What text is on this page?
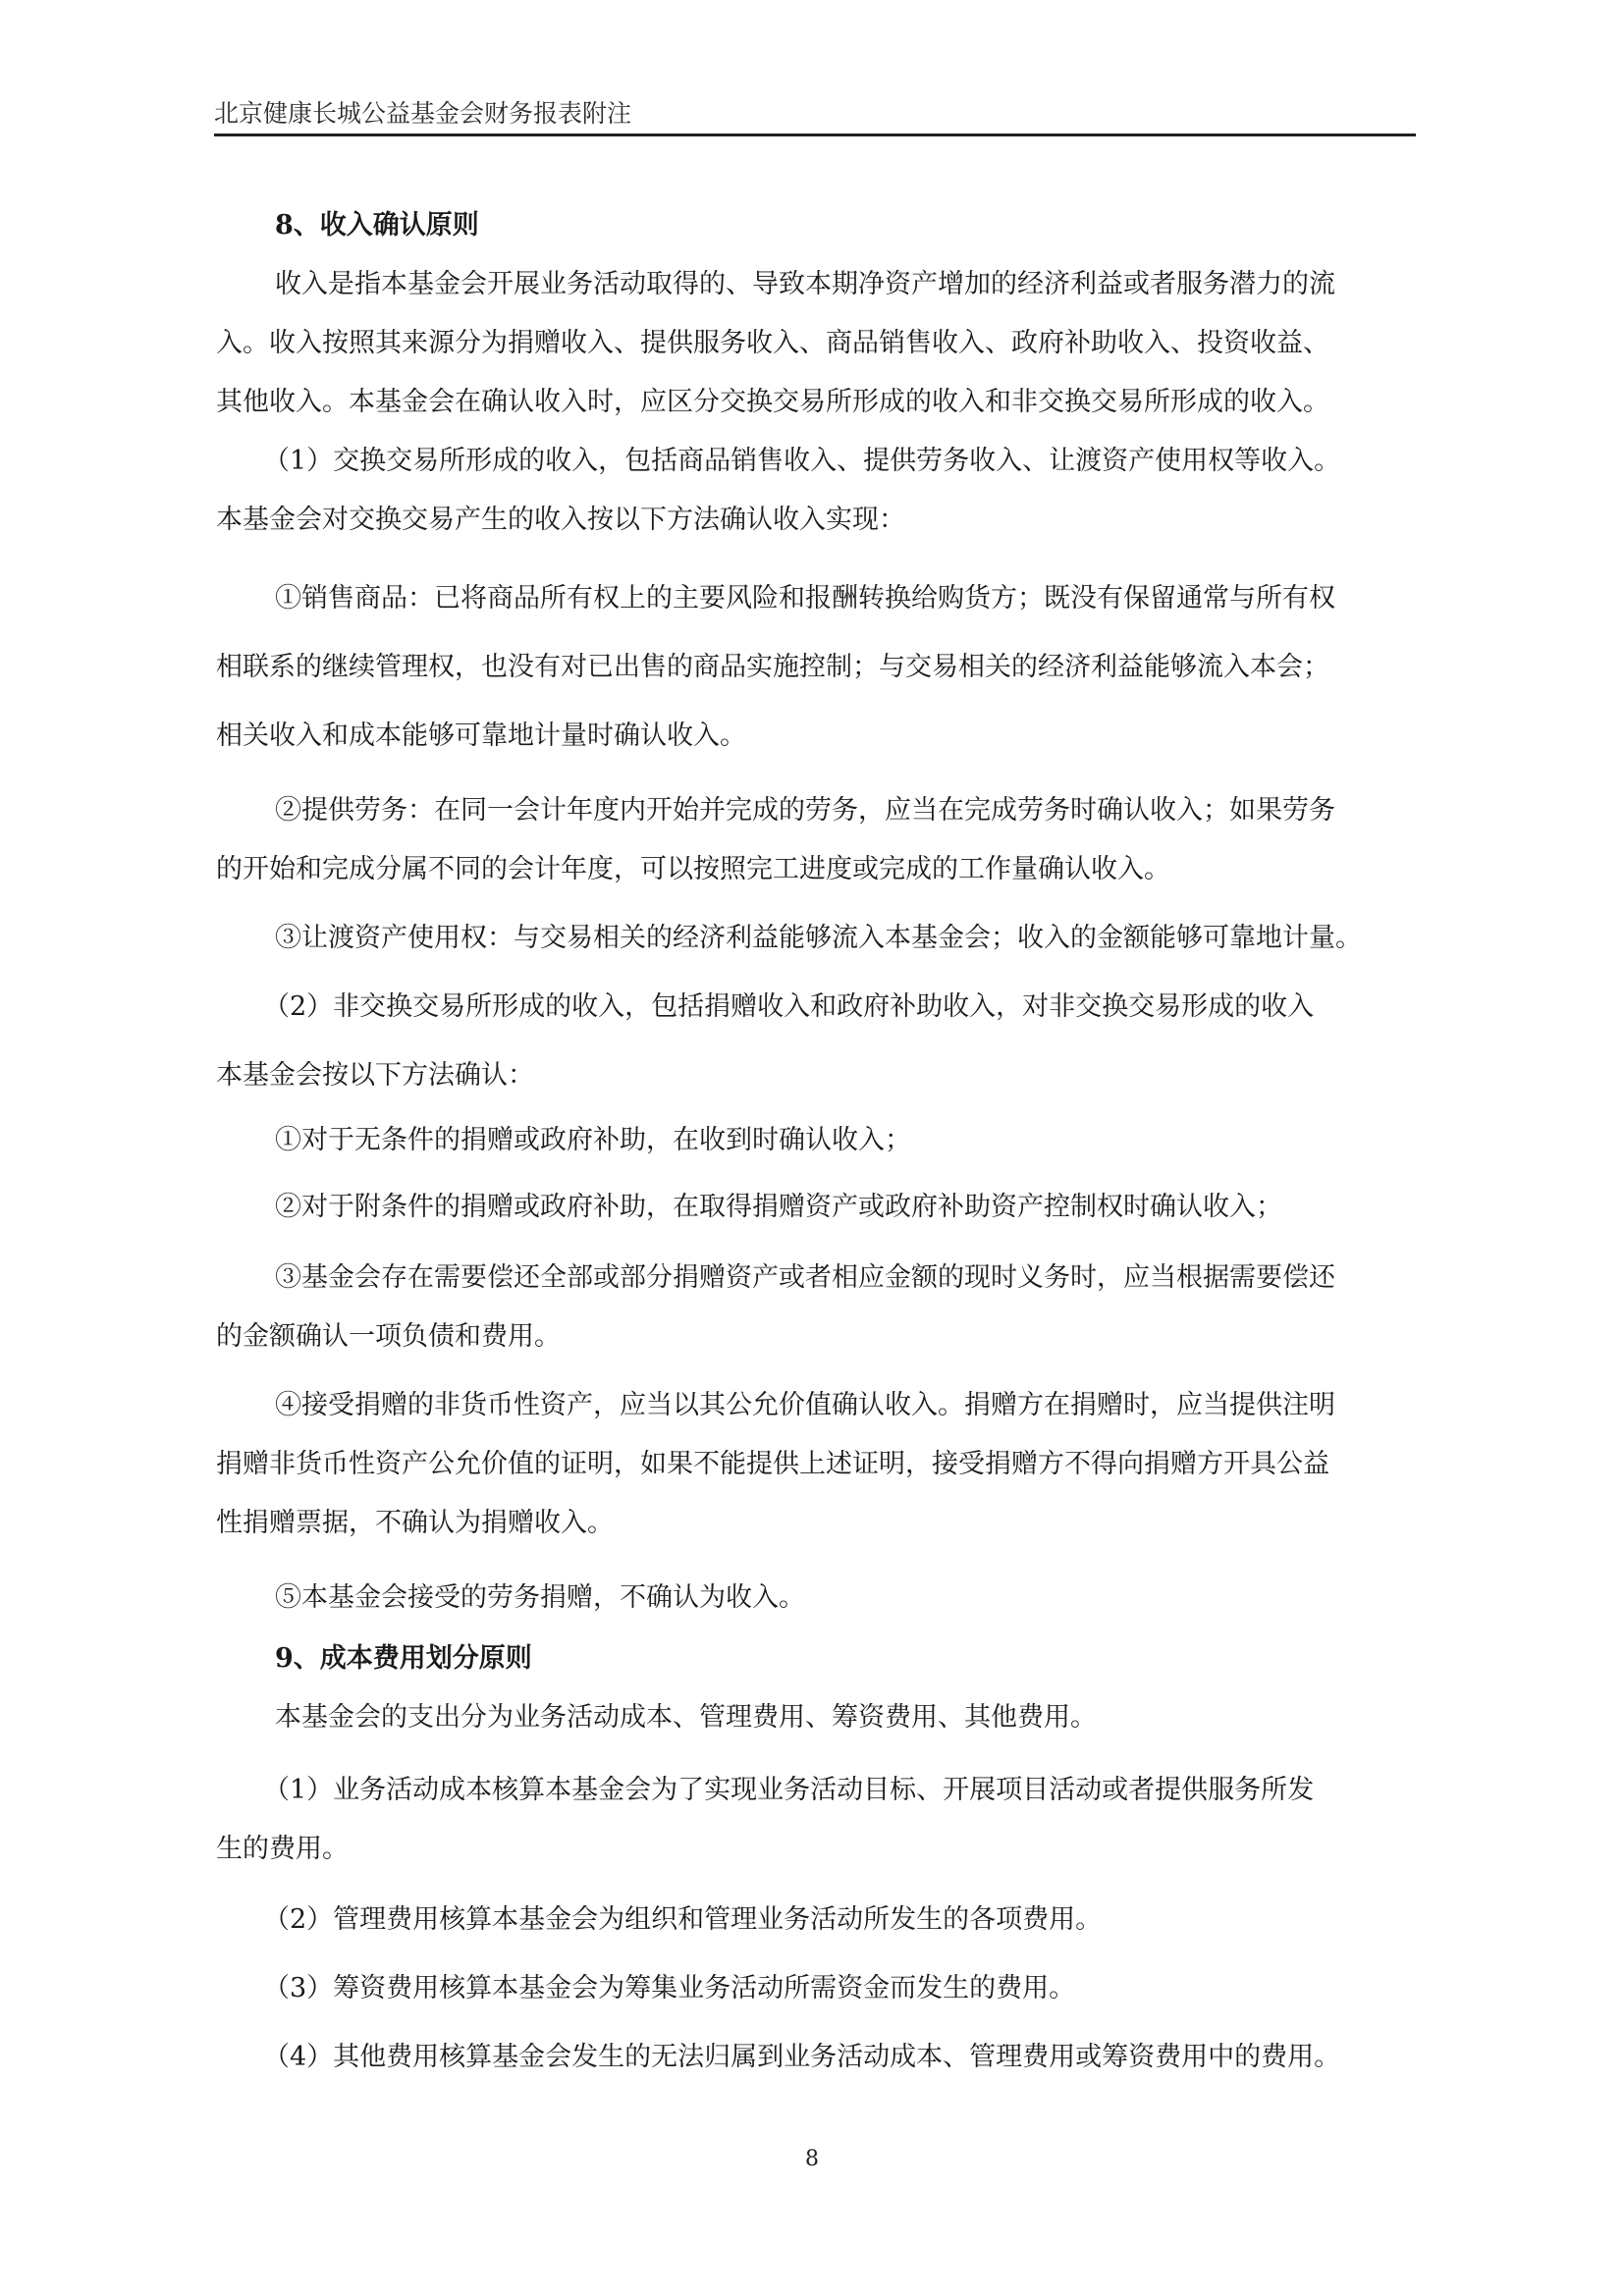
北京健康长城公益基金会财务报表附注
8、收入确认原则
收入是指本基金会开展业务活动取得的、导致本期净资产增加的经济利益或者服务潜力的流
入。收入按照其来源分为捐赠收入、提供服务收入、商品销售收入、政府补助收入、投资收益、
其他收入。本基金会在确认收入时，应区分交换交易所形成的收入和非交换交易所形成的收入。
（1）交换交易所形成的收入，包括商品销售收入、提供劳务收入、让渡资产使用权等收入。
本基金会对交换交易产生的收入按以下方法确认收入实现：
①销售商品：已将商品所有权上的主要风险和报酬转换给购货方；既没有保留通常与所有权
相联系的继续管理权，也没有对已出售的商品实施控制；与交易相关的经济利益能够流入本会；
相关收入和成本能够可靠地计量时确认收入。
②提供劳务：在同一会计年度内开始并完成的劳务，应当在完成劳务时确认收入；如果劳务
的开始和完成分属不同的会计年度，可以按照完工进度或完成的工作量确认收入。
③让渡资产使用权：与交易相关的经济利益能够流入本基金会；收入的金额能够可靠地计量。
（2）非交换交易所形成的收入，包括捐赠收入和政府补助收入，对非交换交易形成的收入
本基金会按以下方法确认：
①对于无条件的捐赠或政府补助，在收到时确认收入；
②对于附条件的捐赠或政府补助，在取得捐赠资产或政府补助资产控制权时确认收入；
③基金会存在需要偿还全部或部分捐赠资产或者相应金额的现时义务时，应当根据需要偿还
的金额确认一项负债和费用。
④接受捐赠的非货币性资产，应当以其公允价值确认收入。捐赠方在捐赠时，应当提供注明
捐赠非货币性资产公允价值的证明，如果不能提供上述证明，接受捐赠方不得向捐赠方开具公益
性捐赠票据，不确认为捐赠收入。
⑤本基金会接受的劳务捐赠，不确认为收入。
9、成本费用划分原则
本基金会的支出分为业务活动成本、管理费用、筹资费用、其他费用。
（1）业务活动成本核算本基金会为了实现业务活动目标、开展项目活动或者提供服务所发
生的费用。
（2）管理费用核算本基金会为组织和管理业务活动所发生的各项费用。
（3）筹资费用核算本基金会为筹集业务活动所需资金而发生的费用。
（4）其他费用核算基金会发生的无法归属到业务活动成本、管理费用或筹资费用中的费用。
8
